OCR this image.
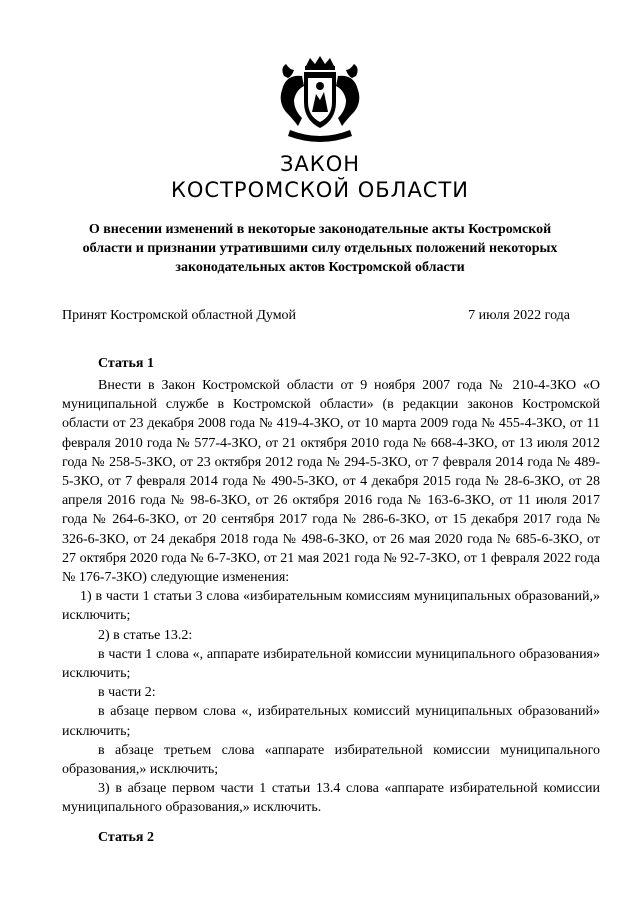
ЗАКОН
КОСТРОМСКОЙ ОБЛАСТИ
О внесении изменений в некоторые законодательные акты Костромской области и признании утратившими силу отдельных положений некоторых законодательных актов Костромской области
Принят Костромской областной Думой	7 июля 2022 года
Статья 1

Внести в Закон Костромской области от 9 ноября 2007 года № 210-4-ЗКО «О муниципальной службе в Костромской области» (в редакции законов Костромской области от 23 декабря 2008 года № 419-4-ЗКО, от 10 марта 2009 года № 455-4-ЗКО, от 11 февраля 2010 года № 577-4-ЗКО, от 21 октября 2010 года № 668-4-ЗКО, от 13 июля 2012 года № 258-5-ЗКО, от 23 октября 2012 года № 294-5-ЗКО, от 7 февраля 2014 года № 489-5-ЗКО, от 7 февраля 2014 года № 490-5-ЗКО, от 4 декабря 2015 года № 28-6-ЗКО, от 28 апреля 2016 года № 98-6-ЗКО, от 26 октября 2016 года № 163-6-ЗКО, от 11 июля 2017 года № 264-6-ЗКО, от 20 сентября 2017 года № 286-6-ЗКО, от 15 декабря 2017 года № 326-6-ЗКО, от 24 декабря 2018 года № 498-6-ЗКО, от 26 мая 2020 года № 685-6-ЗКО, от 27 октября 2020 года № 6-7-ЗКО, от 21 мая 2021 года № 92-7-ЗКО, от 1 февраля 2022 года № 176-7-ЗКО) следующие изменения:

1) в части 1 статьи 3 слова «избирательным комиссиям муниципальных образований,» исключить;

2) в статье 13.2:

в части 1 слова «, аппарате избирательной комиссии муниципального образования» исключить;

в части 2:

в абзаце первом слова «, избирательных комиссий муниципальных образований» исключить;

в абзаце третьем слова «аппарате избирательной комиссии муниципального образования,» исключить;

3) в абзаце первом части 1 статьи 13.4 слова «аппарате избирательной комиссии муниципального образования,» исключить.

Статья 2
